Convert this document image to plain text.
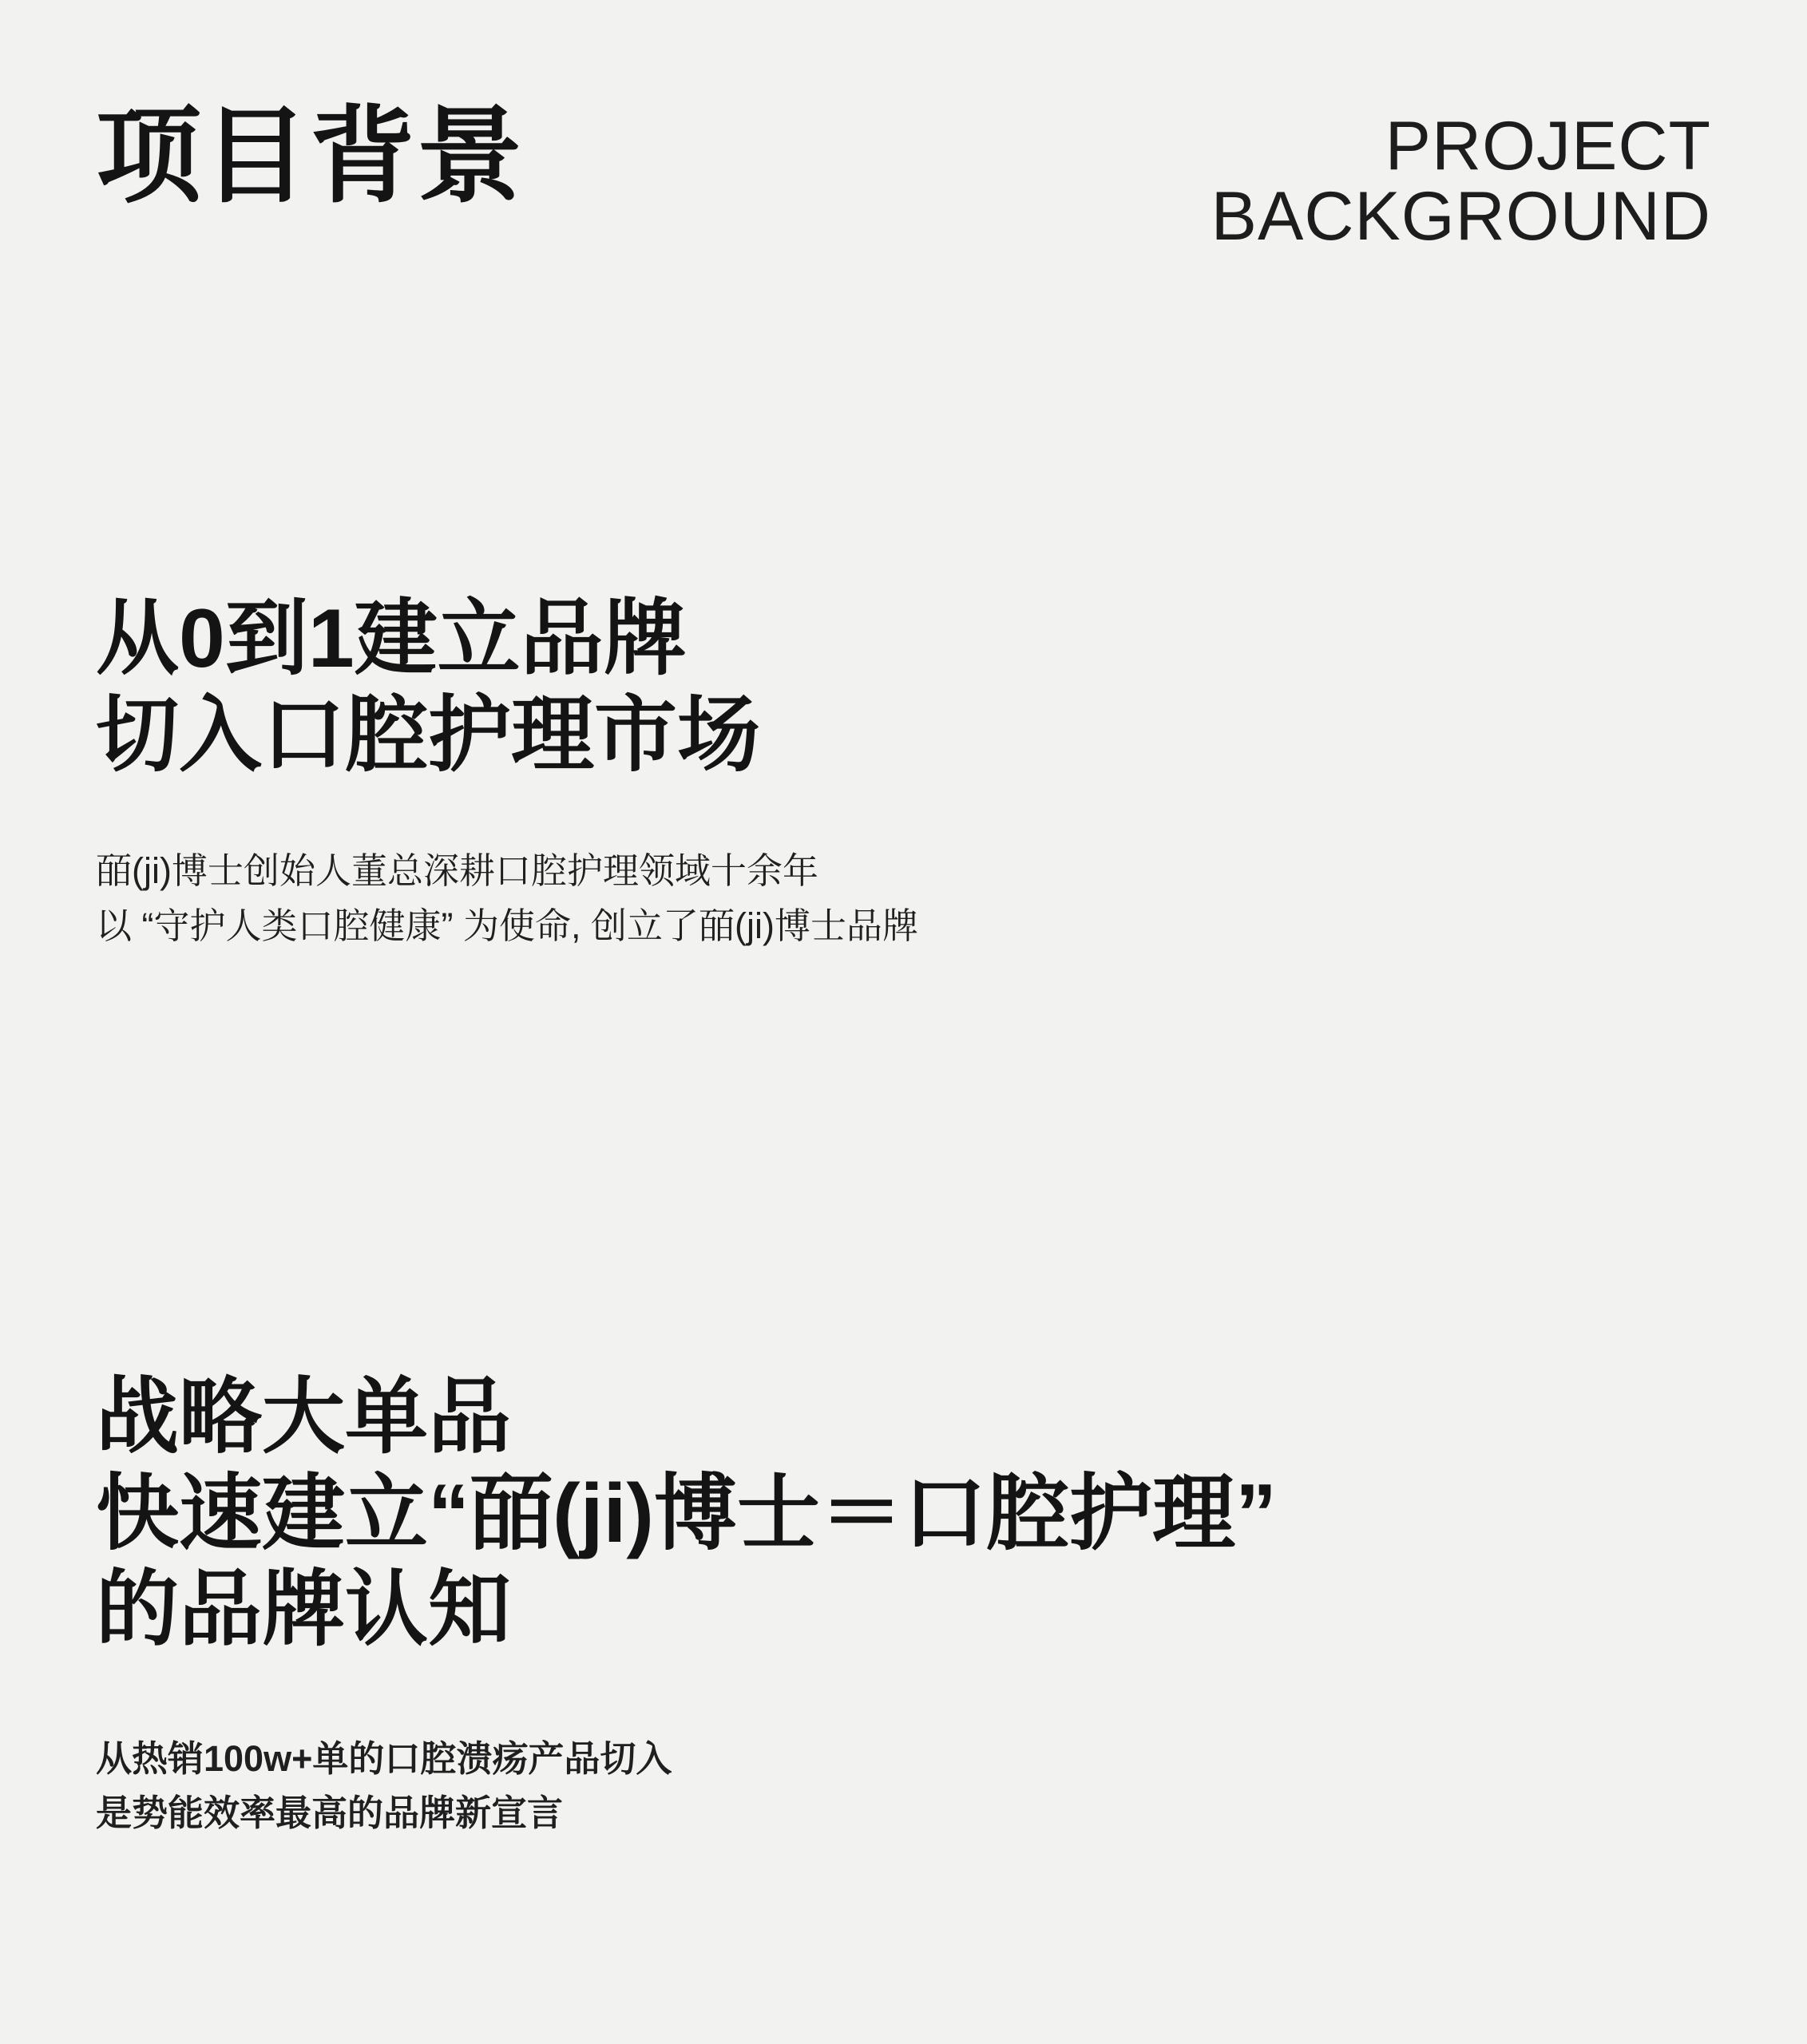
项目背景	PROJECT
BACKGROUND
从0到1建立品牌
切入口腔护理市场
皕(ji)博士创始人董总深耕口腔护理领域十余年
以 “守护人类口腔健康” 为使命, 创立了皕(ji)博士品牌
战略大单品
快速建立“皕(ji)博士＝口腔护理”
的品牌认知
从热销100w+单的口腔溃疡产品切入
是势能效率最高的品牌新宣言
